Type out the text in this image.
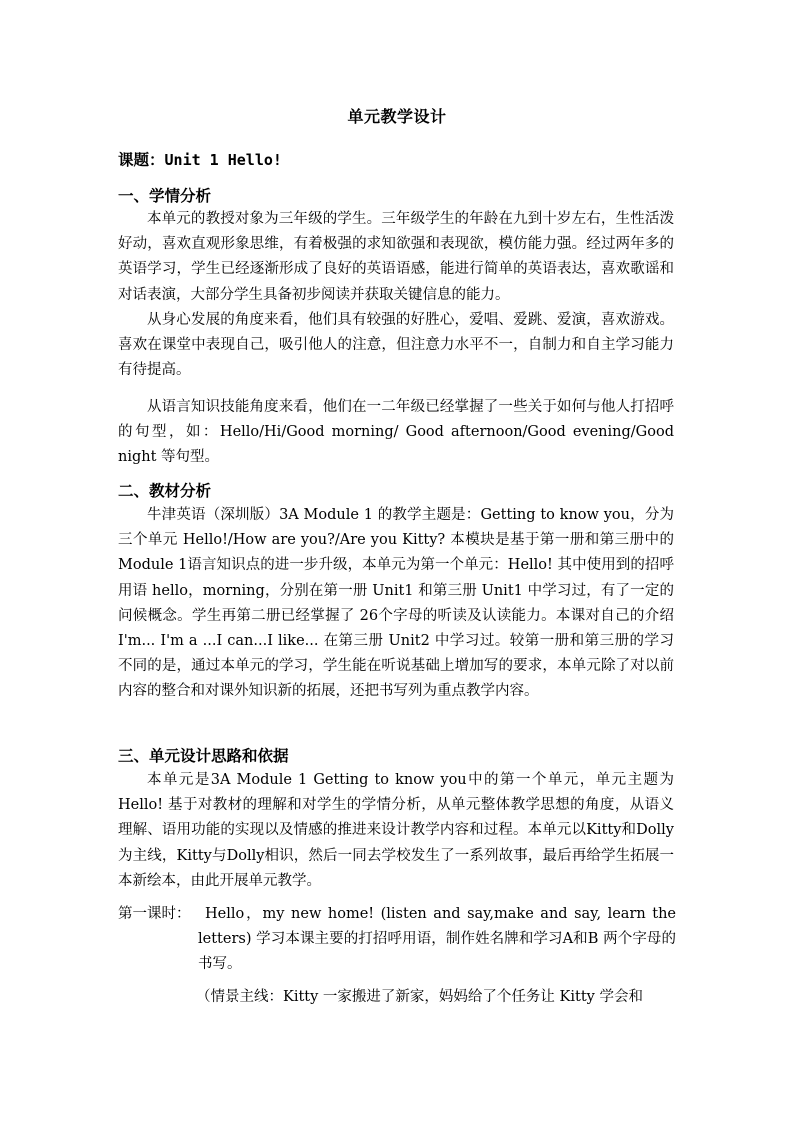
单元教学设计
课题：Unit 1 Hello!
一、学情分析

本单元的教授对象为三年级的学生。三年级学生的年龄在九到十岁左右，生性活泼好动，喜欢直观形象思维，有着极强的求知欲强和表现欲，模仿能力强。经过两年多的英语学习，学生已经逐渐形成了良好的英语语感，能进行简单的英语表达，喜欢歌谣和对话表演，大部分学生具备初步阅读并获取关键信息的能力。

从身心发展的角度来看，他们具有较强的好胜心，爱唱、爱跳、爱演，喜欢游戏。喜欢在课堂中表现自己，吸引他人的注意，但注意力水平不一，自制力和自主学习能力有待提高。

从语言知识技能角度来看，他们在一二年级已经掌握了一些关于如何与他人打招呼的句型，如：Hello/Hi/Good morning/ Good afternoon/Good evening/Good night 等句型。

二、教材分析

牛津英语（深圳版）3A Module 1 的教学主题是：Getting to know you，分为三个单元 Hello!/How are you?/Are you Kitty? 本模块是基于第一册和第三册中的 Module 1语言知识点的进一步升级，本单元为第一个单元：Hello! 其中使用到的招呼用语 hello，morning，分别在第一册 Unit1 和第三册 Unit1 中学习过，有了一定的问候概念。学生再第二册已经掌握了 26个字母的听读及认读能力。本课对自己的介绍 I'm... I'm a ...I can...I like... 在第三册 Unit2 中学习过。较第一册和第三册的学习不同的是，通过本单元的学习，学生能在听说基础上增加写的要求，本单元除了对以前内容的整合和对课外知识新的拓展，还把书写列为重点教学内容。

三、单元设计思路和依据

本单元是3A Module 1 Getting to know you中的第一个单元，单元主题为Hello! 基于对教材的理解和对学生的学情分析，从单元整体教学思想的角度，从语义理解、语用功能的实现以及情感的推进来设计教学内容和过程。本单元以Kitty和Dolly为主线，Kitty与Dolly相识，然后一同去学校发生了一系列故事，最后再给学生拓展一本新绘本，由此开展单元教学。

第一课时：	Hello，my new home! (listen and say,make and say, learn the letters) 学习本课主要的打招呼用语，制作姓名牌和学习A和B 两个字母的书写。

（情景主线：Kitty 一家搬进了新家，妈妈给了个任务让 Kitty 学会和
